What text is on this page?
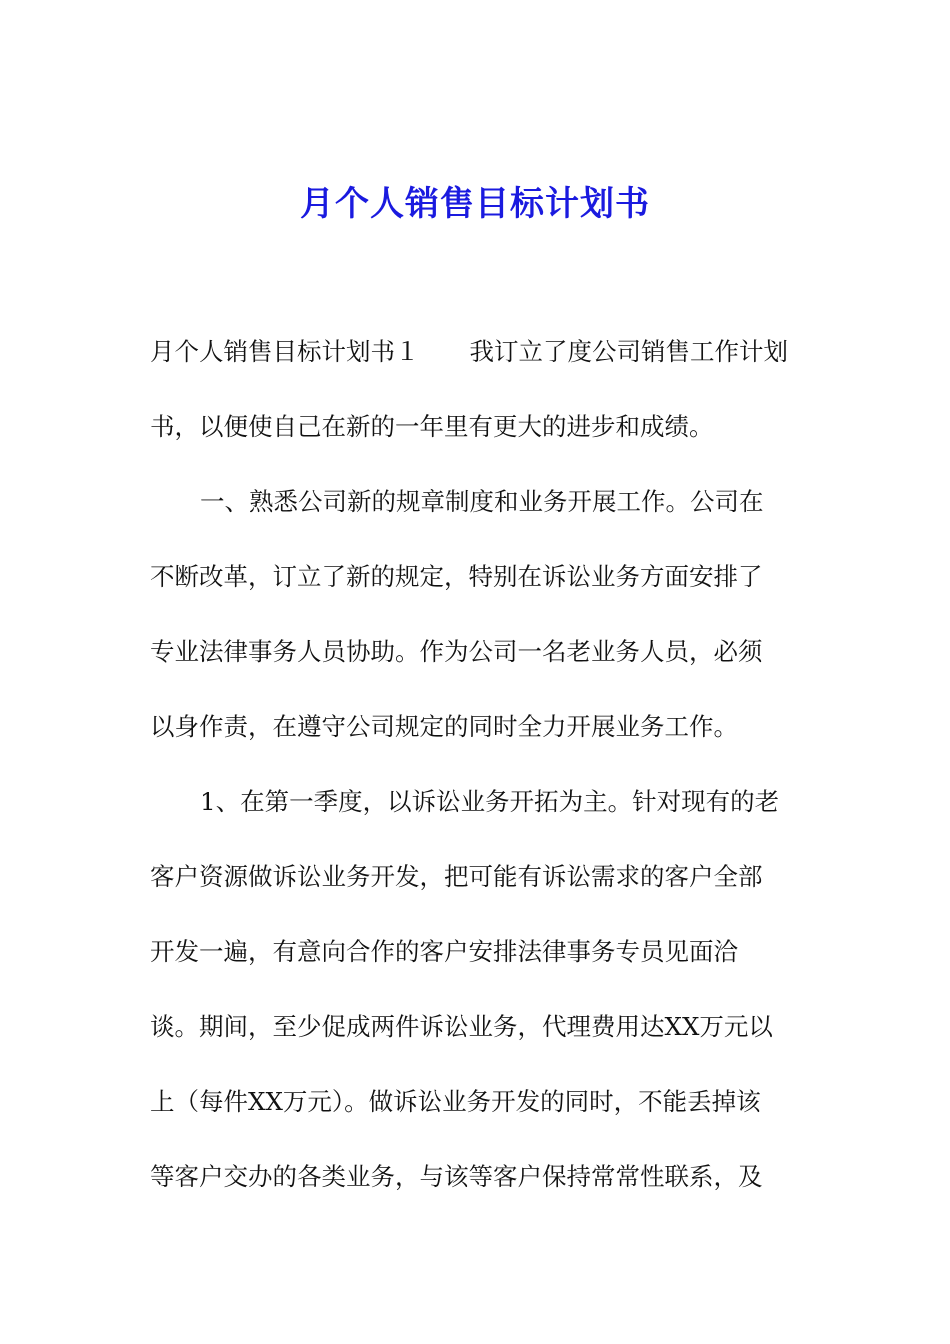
月个人销售目标计划书
月个人销售目标计划书１ 我订立了度公司销售工作计划
书，以便使自己在新的一年里有更大的进步和成绩。
一、熟悉公司新的规章制度和业务开展工作。公司在
不断改革，订立了新的规定，特别在诉讼业务方面安排了
专业法律事务人员协助。作为公司一名老业务人员，必须
以身作责，在遵守公司规定的同时全力开展业务工作。
1、在第一季度，以诉讼业务开拓为主。针对现有的老
客户资源做诉讼业务开发，把可能有诉讼需求的客户全部
开发一遍，有意向合作的客户安排法律事务专员见面洽
谈。期间，至少促成两件诉讼业务，代理费用达XX万元以
上（每件XX万元）。做诉讼业务开发的同时，不能丢掉该
等客户交办的各类业务，与该等客户保持常常性联系，及
